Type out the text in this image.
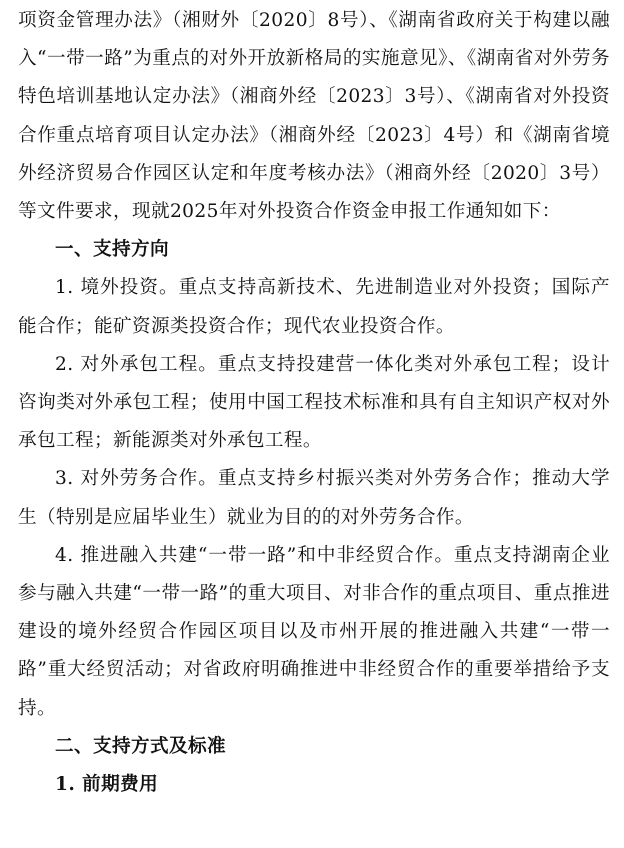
项资金管理办法》（湘财外〔2020〕8号）、《湖南省政府关于构建以融入“一带一路”为重点的对外开放新格局的实施意见》、《湖南省对外劳务特色培训基地认定办法》（湘商外经〔2023〕3号）、《湖南省对外投资合作重点培育项目认定办法》（湘商外经〔2023〕4号）和《湖南省境外经济贸易合作园区认定和年度考核办法》（湘商外经〔2020〕3号）等文件要求，现就2025年对外投资合作资金申报工作通知如下：

一、支持方向

1. 境外投资。重点支持高新技术、先进制造业对外投资；国际产能合作；能矿资源类投资合作；现代农业投资合作。

2. 对外承包工程。重点支持投建营一体化类对外承包工程；设计咨询类对外承包工程；使用中国工程技术标准和具有自主知识产权对外承包工程；新能源类对外承包工程。

3. 对外劳务合作。重点支持乡村振兴类对外劳务合作；推动大学生（特别是应届毕业生）就业为目的的对外劳务合作。

4. 推进融入共建“一带一路”和中非经贸合作。重点支持湖南企业参与融入共建“一带一路”的重大项目、对非合作的重点项目、重点推进建设的境外经贸合作园区项目以及市州开展的推进融入共建“一带一路”重大经贸活动；对省政府明确推进中非经贸合作的重要举措给予支持。

二、支持方式及标准

1. 前期费用
